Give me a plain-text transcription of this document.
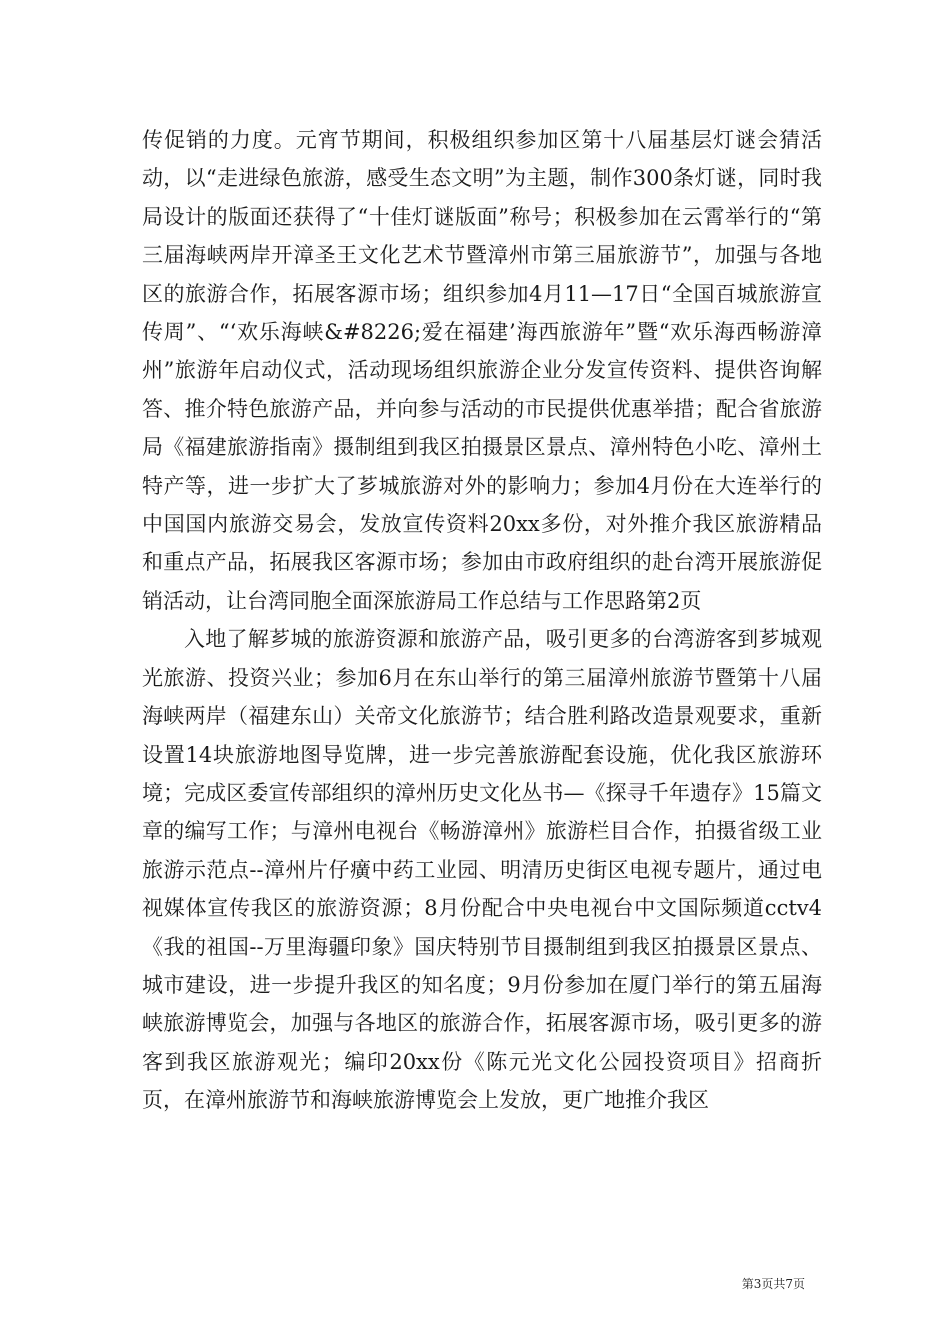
传促销的力度。元宵节期间，积极组织参加区第十八届基层灯谜会猜活动，以“走进绿色旅游，感受生态文明”为主题，制作300条灯谜，同时我局设计的版面还获得了“十佳灯谜版面”称号；积极参加在云霄举行的“第三届海峡两岸开漳圣王文化艺术节暨漳州市第三届旅游节”，加强与各地区的旅游合作，拓展客源市场；组织参加4月11—17日“全国百城旅游宣传周”、“‘欢乐海峡&#8226;爱在福建’海西旅游年”暨“欢乐海西畅游漳州”旅游年启动仪式，活动现场组织旅游企业分发宣传资料、提供咨询解答、推介特色旅游产品，并向参与活动的市民提供优惠举措；配合省旅游局《福建旅游指南》摄制组到我区拍摄景区景点、漳州特色小吃、漳州土特产等，进一步扩大了芗城旅游对外的影响力；参加4月份在大连举行的中国国内旅游交易会，发放宣传资料20xx多份，对外推介我区旅游精品和重点产品，拓展我区客源市场；参加由市政府组织的赴台湾开展旅游促销活动，让台湾同胞全面深旅游局工作总结与工作思路第2页

入地了解芗城的旅游资源和旅游产品，吸引更多的台湾游客到芗城观光旅游、投资兴业；参加6月在东山举行的第三届漳州旅游节暨第十八届海峡两岸（福建东山）关帝文化旅游节；结合胜利路改造景观要求，重新设置14块旅游地图导览牌，进一步完善旅游配套设施，优化我区旅游环境；完成区委宣传部组织的漳州历史文化丛书—《探寻千年遗存》15篇文章的编写工作；与漳州电视台《畅游漳州》旅游栏目合作，拍摄省级工业旅游示范点--漳州片仔癀中药工业园、明清历史街区电视专题片，通过电视媒体宣传我区的旅游资源；8月份配合中央电视台中文国际频道cctv4《我的祖国--万里海疆印象》国庆特别节目摄制组到我区拍摄景区景点、城市建设，进一步提升我区的知名度；9月份参加在厦门举行的第五届海峡旅游博览会，加强与各地区的旅游合作，拓展客源市场，吸引更多的游客到我区旅游观光；编印20xx份《陈元光文化公园投资项目》招商折页，在漳州旅游节和海峡旅游博览会上发放，更广地推介我区

第3页共7页
